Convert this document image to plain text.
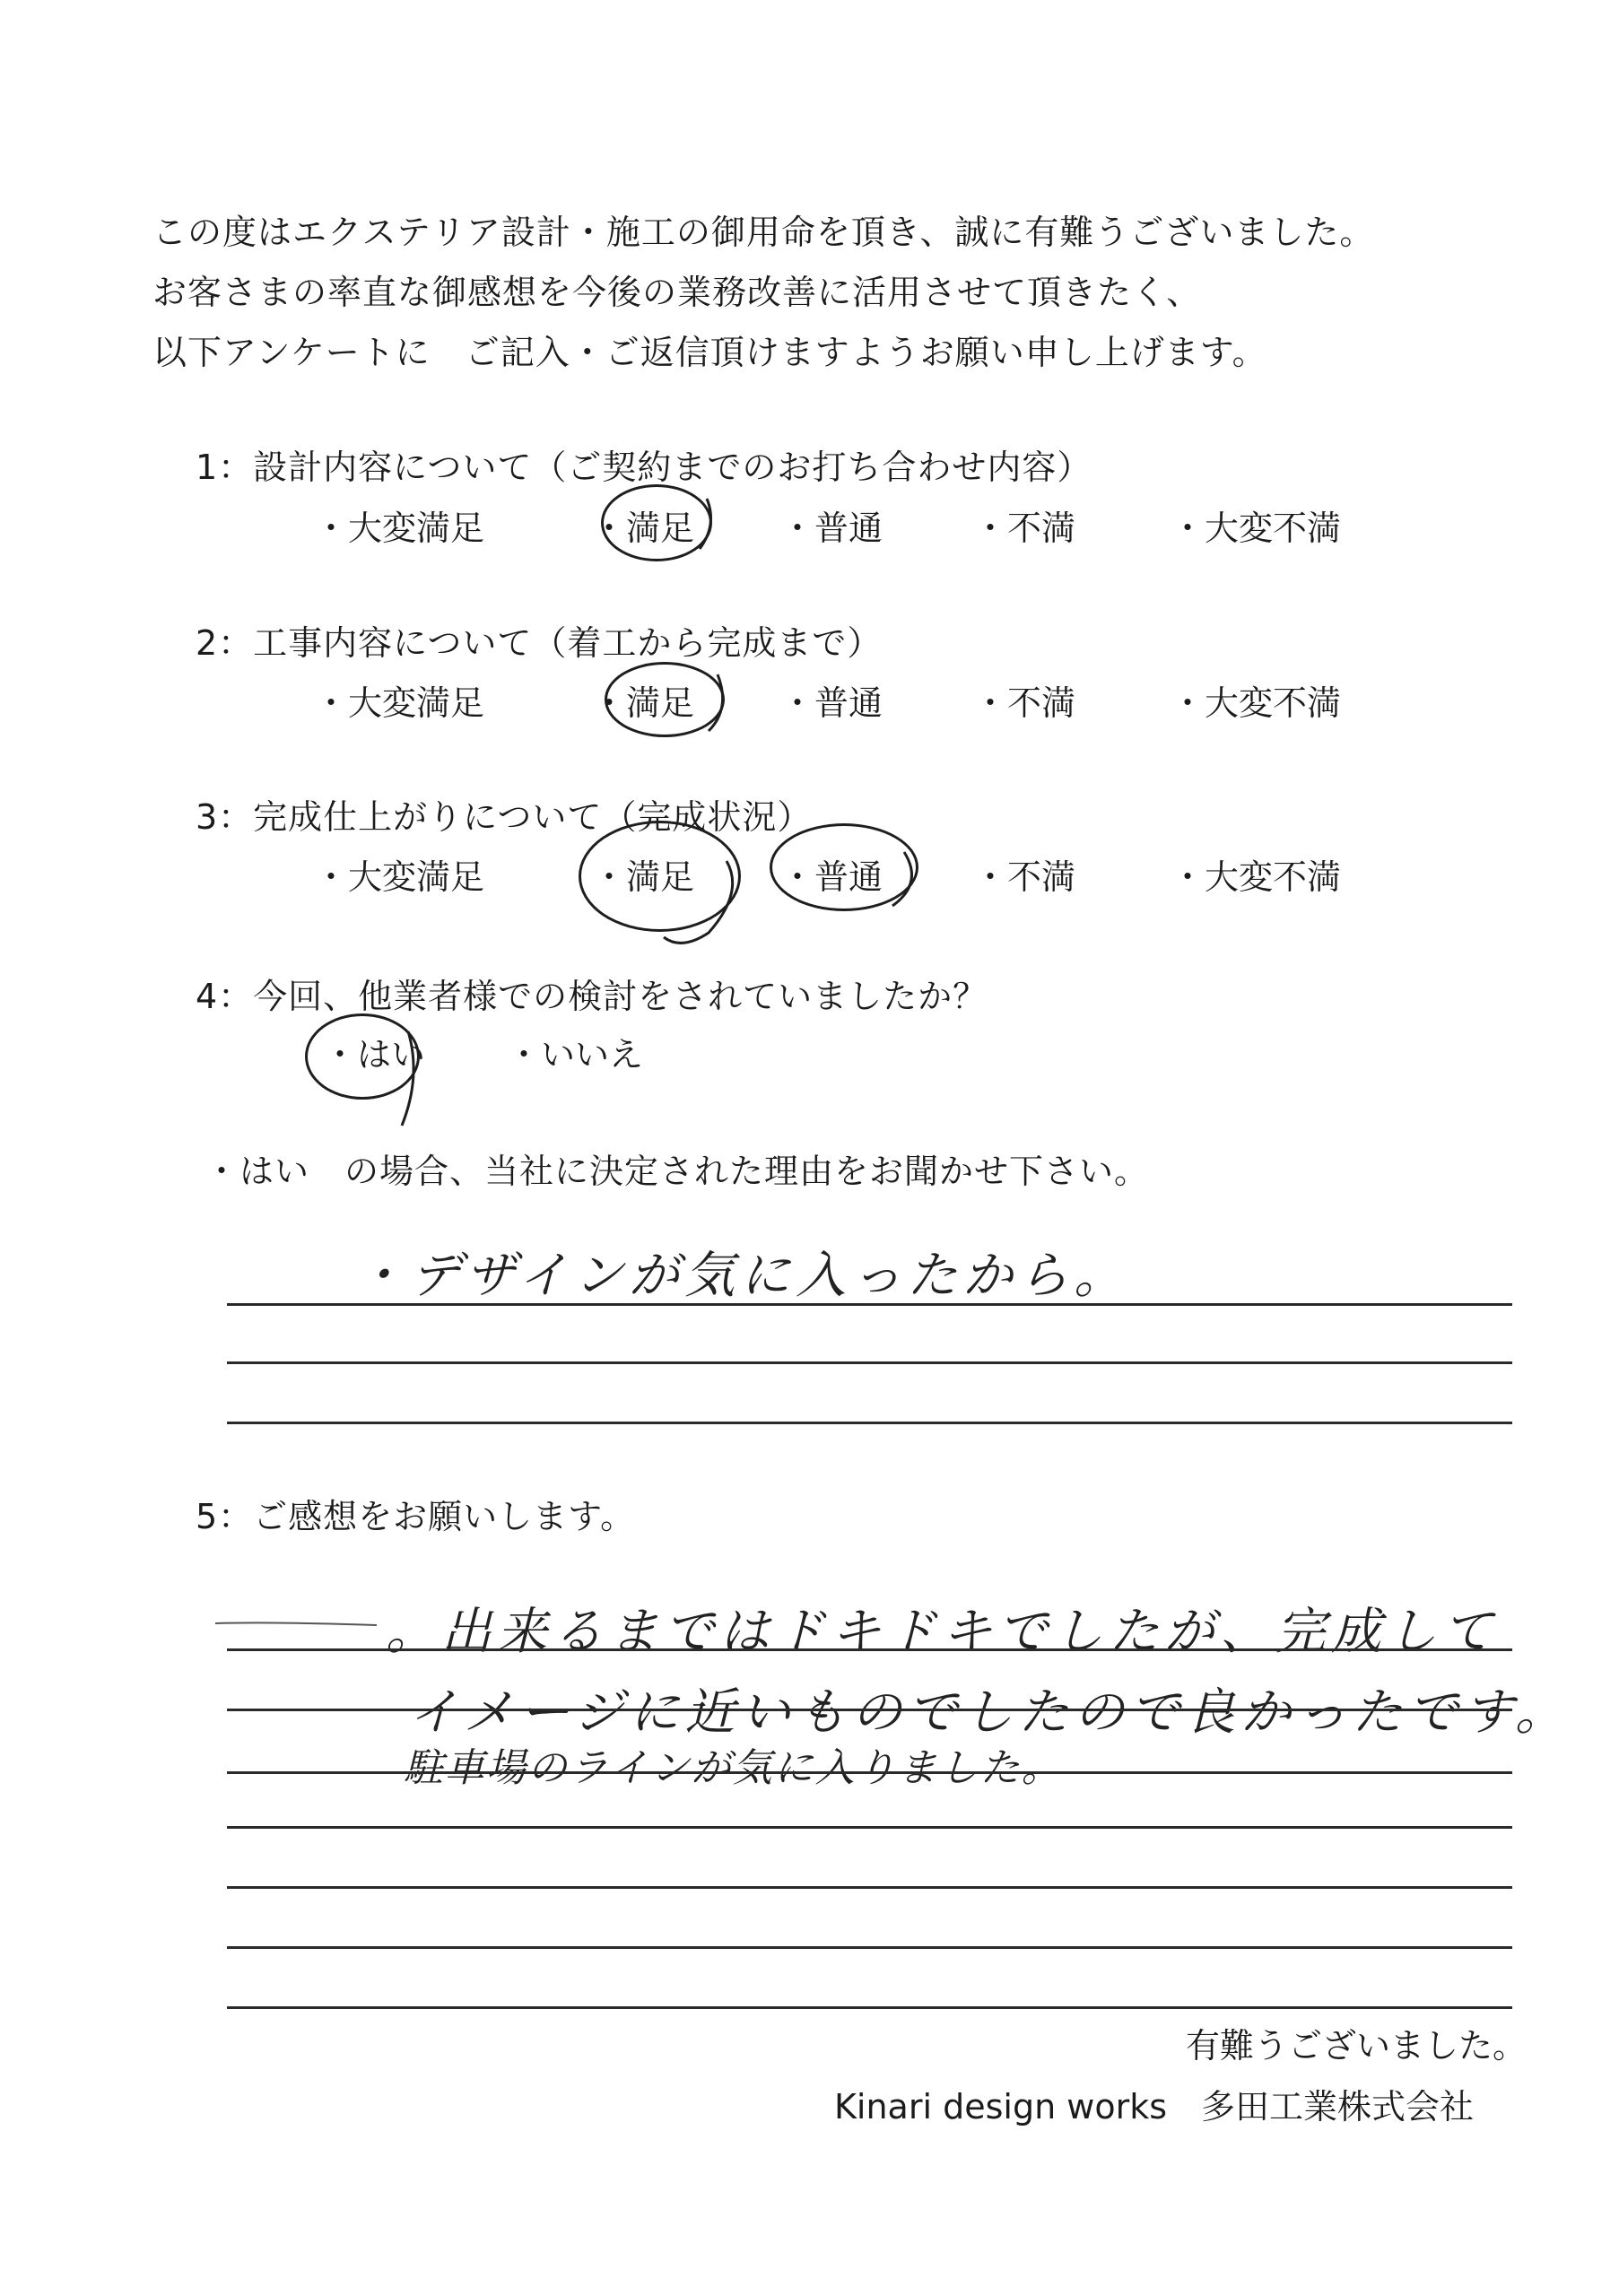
この度はエクステリア設計・施工の御用命を頂き、誠に有難うございました。
お客さまの率直な御感想を今後の業務改善に活用させて頂きたく、
以下アンケートに　ご記入・ご返信頂けますようお願い申し上げます。
1：設計内容について（ご契約までのお打ち合わせ内容）
・大変満足	・満足	・普通	・不満	・大変不満
2：工事内容について（着工から完成まで）
・大変満足	・満足	・普通	・不満	・大変不満
3：完成仕上がりについて（完成状況）
・大変満足	・満足	・普通	・不満	・大変不満
4：今回、他業者様での検討をされていましたか？
・はい ・いいえ
・はい　の場合、当社に決定された理由をお聞かせ下さい。
・デザインが気に入ったから。
5：ご感想をお願いします。
。出来るまではドキドキでしたが、完成して
イメージに近いものでしたので良かったです。
駐車場のラインが気に入りました。
有難うございました。
Kinari design works　多田工業株式会社
